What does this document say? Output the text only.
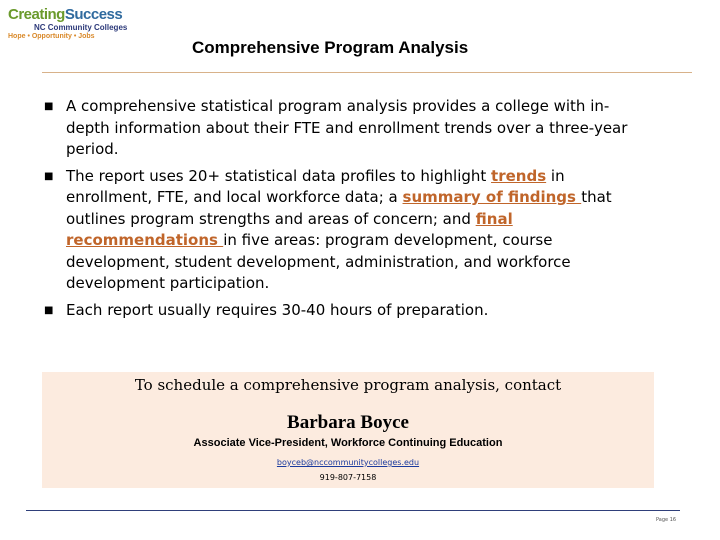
CreatingSuccess
NC Community Colleges
Hope • Opportunity • Jobs
Comprehensive Program Analysis
■ A comprehensive statistical program analysis provides a college with in-depth information about their FTE and enrollment trends over a three-year period.
■ The report uses 20+ statistical data profiles to highlight trends in enrollment, FTE, and local workforce data; a summary of findings that outlines program strengths and areas of concern; and final recommendations in five areas: program development, course development, student development, administration, and workforce development participation.
■ Each report usually requires 30-40 hours of preparation.
To schedule a comprehensive program analysis, contact
Barbara Boyce
Associate Vice-President, Workforce Continuing Education
boyceb@nccommunitycolleges.edu
919-807-7158
Page 16
